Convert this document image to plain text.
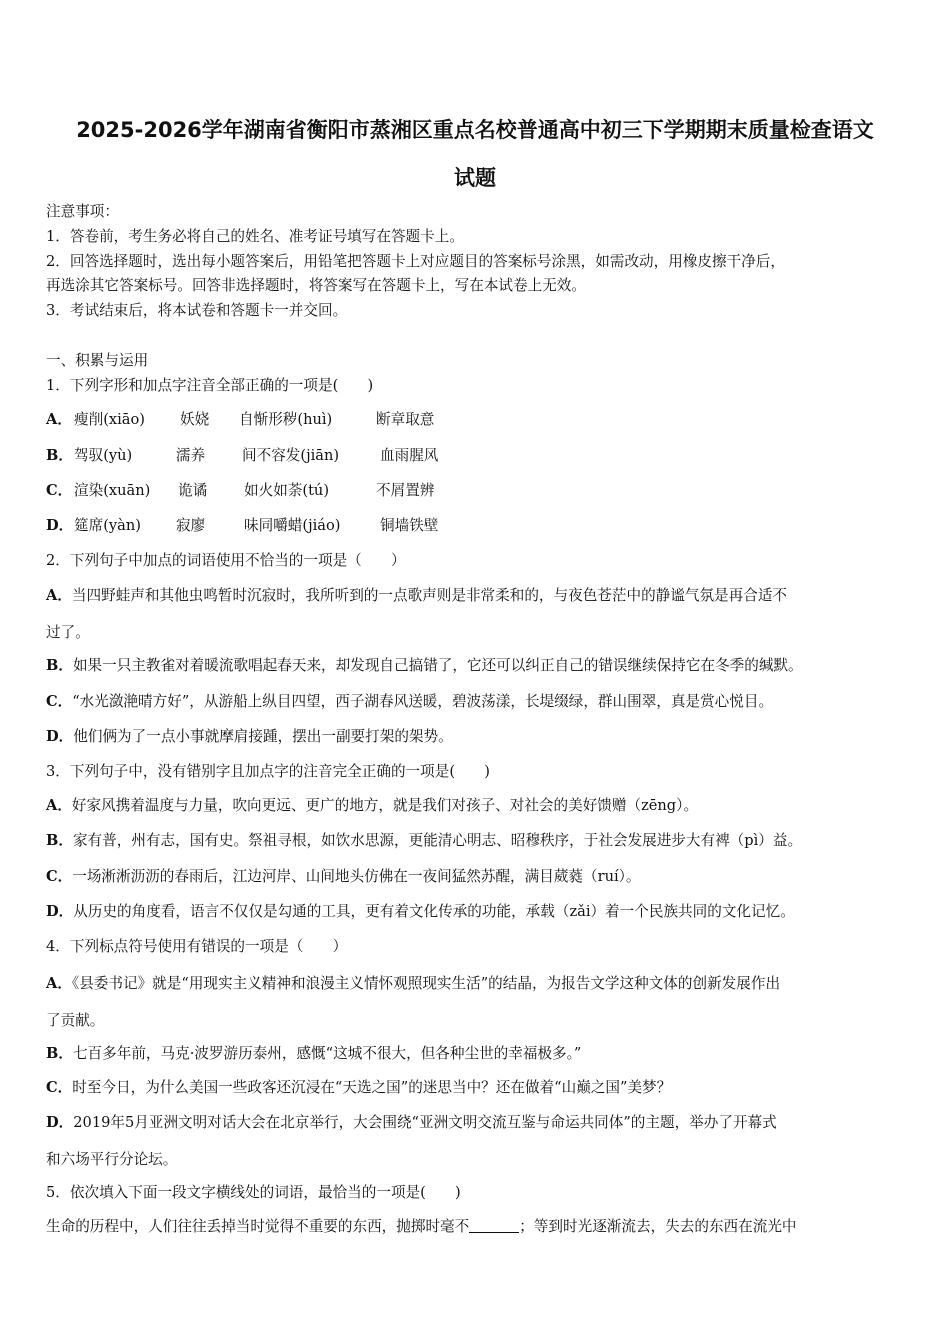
2025-2026学年湖南省衡阳市蒸湘区重点名校普通高中初三下学期期末质量检查语文
试题
注意事项：
1．答卷前，考生务必将自己的姓名、准考证号填写在答题卡上。
2．回答选择题时，选出每小题答案后，用铅笔把答题卡上对应题目的答案标号涂黑，如需改动，用橡皮擦干净后，
再选涂其它答案标号。回答非选择题时，将答案写在答题卡上，写在本试卷上无效。
3．考试结束后，将本试卷和答题卡一并交回。
一、积累与运用
1．下列字形和加点字注音全部正确的一项是(　　)
A． 瘦削(xiāo) 妖娆 自惭形秽(huì)	断章取意
B． 驾驭(yù)	濡养	间不容发(jiān)	血雨腥风
C． 渲染(xuān) 诡谲	如火如荼(tú)	不屑置辨
D． 筵席(yàn) 寂廖	味同嚼蜡(jiáo)	铜墙铁壁
2．下列句子中加点的词语使用不恰当的一项是（　　）
A．当四野蛙声和其他虫鸣暂时沉寂时，我所听到的一点歌声则是非常柔和的，与夜色苍茫中的静谧气氛是再合适不
过了。
B．如果一只主教雀对着暖流歌唱起春天来，却发现自己搞错了，它还可以纠正自己的错误继续保持它在冬季的缄默。
C．“水光潋滟晴方好”，从游船上纵目四望，西子湖春风送暖，碧波荡漾，长堤缀绿，群山围翠，真是赏心悦目。
D．他们俩为了一点小事就摩肩接踵，摆出一副要打架的架势。
3．下列句子中，没有错别字且加点字的注音完全正确的一项是(　　)
A．好家风携着温度与力量，吹向更远、更广的地方，就是我们对孩子、对社会的美好馈赠（zēng）。
B．家有普，州有志，国有史。祭祖寻根，如饮水思源，更能清心明志、昭穆秩序，于社会发展进步大有裨（pì）益。
C．一场淅淅沥沥的春雨后，江边河岸、山间地头仿佛在一夜间猛然苏醒，满目葳蕤（ruí）。
D．从历史的角度看，语言不仅仅是勾通的工具，更有着文化传承的功能，承载（zǎi）着一个民族共同的文化记忆。
4．下列标点符号使用有错误的一项是（　　）
A．《县委书记》就是“用现实主义精神和浪漫主义情怀观照现实生活”的结晶，为报告文学这种文体的创新发展作出
了贡献。
B．七百多年前，马克·波罗游历泰州，感慨“这城不很大，但各种尘世的幸福极多。”
C．时至今日，为什么美国一些政客还沉浸在“天选之国”的迷思当中？还在做着“山巅之国”美梦？
D．2019年5月亚洲文明对话大会在北京举行，大会围绕“亚洲文明交流互鉴与命运共同体”的主题，举办了开幕式
和六场平行分论坛。
5．依次填入下面一段文字横线处的词语，最恰当的一项是(　　)
生命的历程中，人们往往丢掉当时觉得不重要的东西，抛掷时毫不	；等到时光逐渐流去，失去的东西在流光中
